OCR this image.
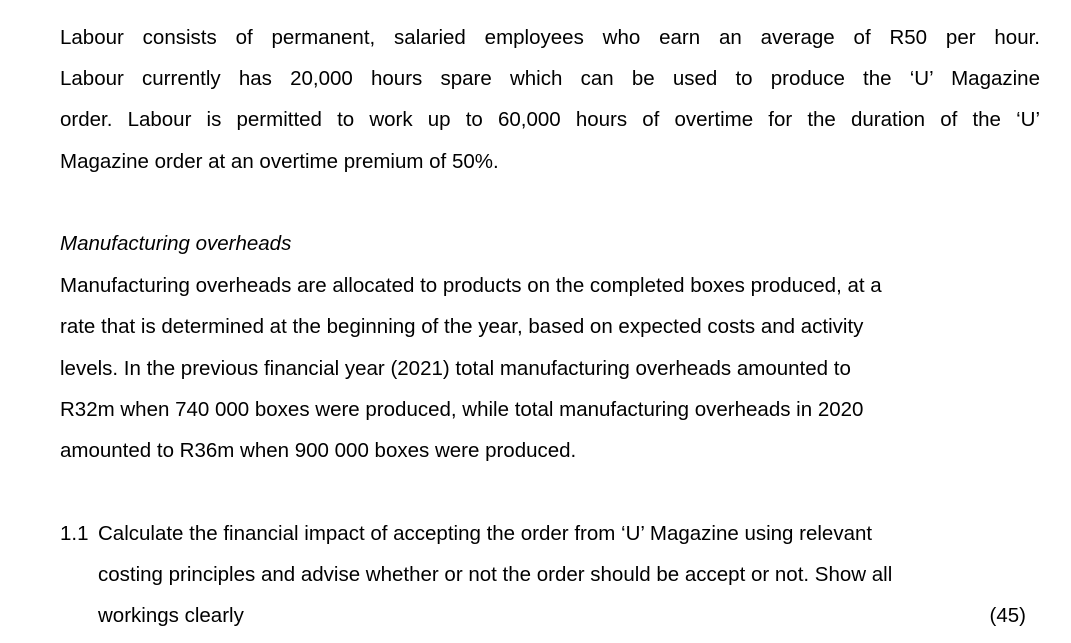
Labour consists of permanent, salaried employees who earn an average of R50 per hour.
Labour currently has 20,000 hours spare which can be used to produce the ‘U’ Magazine
order. Labour is permitted to work up to 60,000 hours of overtime for the duration of the ‘U’
Magazine order at an overtime premium of 50%.
Manufacturing overheads
Manufacturing overheads are allocated to products on the completed boxes produced, at a
rate that is determined at the beginning of the year, based on expected costs and activity
levels. In the previous financial year (2021) total manufacturing overheads amounted to
R32m when 740 000 boxes were produced, while total manufacturing overheads in 2020
amounted to R36m when 900 000 boxes were produced.
1.1 Calculate the financial impact of accepting the order from ‘U’ Magazine using relevant
costing principles and advise whether or not the order should be accept or not. Show all
workings clearly	(45)
